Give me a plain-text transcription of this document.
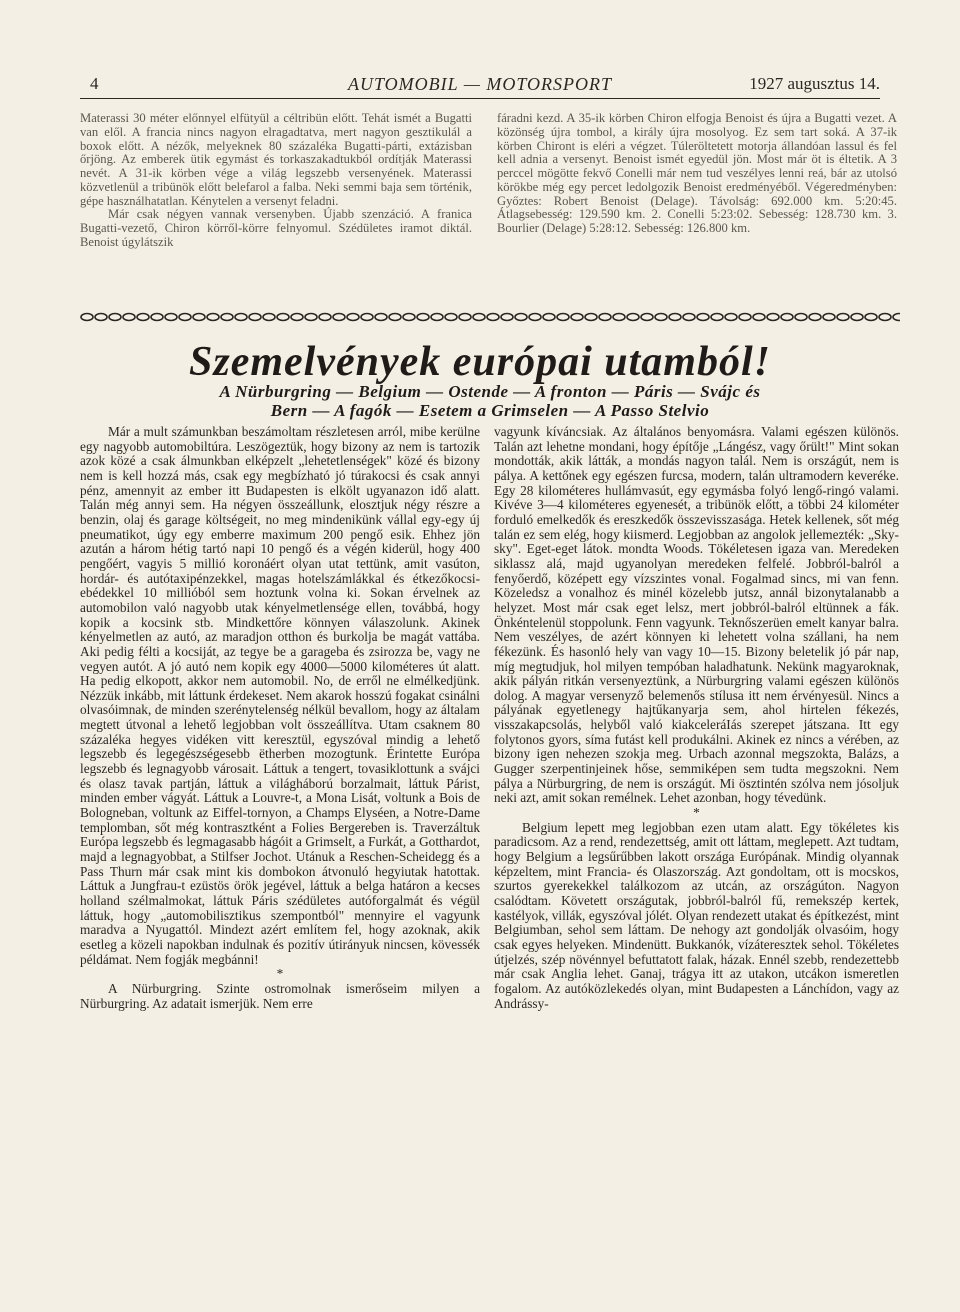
4	AUTOMOBIL — MOTORSPORT	1927 augusztus 14.

Materassi 30 méter előnnyel elfütyül a céltribün előtt. Tehát ismét a Bugatti van elől. A francia nincs nagyon elragadtatva, mert nagyon gesztikulál a boxok előtt. A nézők, melyeknek 80 százaléka Bugatti-párti, extázisban őrjöng. Az emberek ütik egymást és torkaszakadtukból ordítják Materassi nevét. A 31-ik körben vége a világ legszebb versenyének. Materassi közvetlenül a tribünök előtt belefarol a falba. Neki semmi baja sem történik, gépe használhatatlan. Kénytelen a versenyt feladni.

Már csak négyen vannak versenyben. Újabb szenzáció. A franica Bugatti-vezető, Chiron körről-körre felnyomul. Szédületes iramot diktál. Benoist úgylátszik

fáradni kezd. A 35-ik körben Chiron elfogja Benoist és újra a Bugatti vezet. A közönség újra tombol, a király újra mosolyog. Ez sem tart soká. A 37-ik körben Chiront is eléri a végzet. Túleröltetett motorja állandóan lassul és fel kell adnia a versenyt. Benoist ismét egyedül jön. Most már öt is éltetik. A 3 perccel mögötte fekvő Conelli már nem tud veszélyes lenni reá, bár az utolsó körökbe még egy percet ledolgozik Benoist eredményéből. Végeredményben: Győztes: Robert Benoist (Delage). Távolság: 692.000 km. 5:20:45. Átlagsebesség: 129.590 km. 2. Conelli 5:23:02. Sebesség: 128.730 km. 3. Bourlier (Delage) 5:28:12. Sebesség: 126.800 km.

Szemelvények európai utamból!
A Nürburgring — Belgium — Ostende — A fronton — Páris — Svájc és
Bern — A fagók — Esetem a Grimselen — A Passo Stelvio

Már a mult számunkban beszámoltam részletesen arról, mibe kerülne egy nagyobb automobiltúra. Leszögeztük, hogy bizony az nem is tartozik azok közé a csak álmunkban elképzelt „lehetetlenségek" közé és bizony nem is kell hozzá más, csak egy megbízható jó túrakocsi és csak annyi pénz, amennyit az ember itt Budapesten is elkölt ugyanazon idő alatt. Talán még annyi sem. Ha négyen összeállunk, elosztjuk négy részre a benzin, olaj és garage költségeit, no meg mindenikünk vállal egy-egy új pneumatikot, úgy egy emberre maximum 200 pengő esik. Ehhez jön azután a három hétig tartó napi 10 pengő és a végén kiderül, hogy 400 pengőért, vagyis 5 millió koronáért olyan utat tettünk, amit vasúton, hordár- és autótaxipénzekkel, magas hotelszámlákkal és étkezőkocsi-ebédekkel 10 millióból sem hoztunk volna ki. Sokan érvelnek az automobilon való nagyobb utak kényelmetlensége ellen, továbbá, hogy kopik a kocsink stb. Mindkettőre könnyen válaszolunk. Akinek kényelmetlen az autó, az maradjon otthon és burkolja be magát vattába. Aki pedig félti a kocsiját, az tegye be a garageba és zsirozza be, vagy ne vegyen autót. A jó autó nem kopik egy 4000—5000 kilométeres út alatt. Ha pedig elkopott, akkor nem automobil. No, de erről ne elmélkedjünk. Nézzük inkább, mit láttunk érdekeset. Nem akarok hosszú fogakat csinálni olvasóimnak, de minden szerénytelenség nélkül bevallom, hogy az általam megtett útvonal a lehető legjobban volt összeállítva. Utam csaknem 80 százaléka hegyes vidéken vitt keresztül, egyszóval mindig a lehető legszebb és legegészségesebb ëtherben mozogtunk. Érintette Európa legszebb és legnagyobb városait. Láttuk a tengert, tovasiklottunk a svájci és olasz tavak partján, láttuk a világháború borzalmait, láttuk Párist, minden ember vágyát. Láttuk a Louvre-t, a Mona Lisát, voltunk a Bois de Bologneban, voltunk az Eiffel-tornyon, a Champs Elyséen, a Notre-Dame templomban, sőt még kontrasztként a Folies Bergereben is. Traverzáltuk Európa legszebb és legmagasabb hágóit a Grimselt, a Furkát, a Gotthardot, majd a legnagyobbat, a Stilfser Jochot. Utánuk a Reschen-Scheidegg és a Pass Thurn már csak mint kis dombokon átvonuló hegyiutak hatottak. Láttuk a Jungfrau-t ezüstös örök jegével, láttuk a belga határon a kecses holland szélmalmokat, láttuk Páris szédületes autóforgalmát és végül láttuk, hogy „automobilisztikus szempontból" mennyire el vagyunk maradva a Nyugattól. Mindezt azért említem fel, hogy azoknak, akik esetleg a közeli napokban indulnak és pozitív útirányuk nincsen, kövessék példámat. Nem fogják megbánni!

*

A Nürburgring. Szinte ostromolnak ismerőseim milyen a Nürburgring. Az adatait ismerjük. Nem erre

vagyunk kíváncsiak. Az általános benyomásra. Valami egészen különös. Talán azt lehetne mondani, hogy építője „Lángész, vagy őrült!" Mint sokan mondották, akik látták, a mondás nagyon talál. Nem is országút, nem is pálya. A kettőnek egy egészen furcsa, modern, talán ultramodern keveréke. Egy 28 kilométeres hullámvasút, egy egymásba folyó lengő-ringó valami. Kivéve 3—4 kilométeres egyenesét, a tribünök előtt, a többi 24 kilométer forduló emelkedők és ereszkedők összevisszasága. Hetek kellenek, sőt még talán ez sem elég, hogy kiismerd. Legjobban az angolok jellemezték: „Sky-sky". Eget-eget látok. mondta Woods. Tökéletesen igaza van. Meredeken siklassz alá, majd ugyanolyan meredeken felfelé. Jobbról-balról a fenyőerdő, középett egy vízszintes vonal. Fogalmad sincs, mi van fenn. Közeledsz a vonalhoz és minél közelebb jutsz, annál bizonytalanabb a helyzet. Most már csak eget lelsz, mert jobbról-balról eltünnek a fák. Önkéntelenül stoppolunk. Fenn vagyunk. Teknőszerüen emelt kanyar balra. Nem veszélyes, de azért könnyen ki lehetett volna szállani, ha nem fékezünk. És hasonló hely van vagy 10—15. Bizony beletelik jó pár nap, míg megtudjuk, hol milyen tempóban haladhatunk. Nekünk magyaroknak, akik pályán ritkán versenyeztünk, a Nürburgring valami egészen különös dolog. A magyar versenyző belemenős stílusa itt nem érvényesül. Nincs a pályának egyetlenegy hajtűkanyarja sem, ahol hirtelen fékezés, visszakapcsolás, helyből való kiakceleráIás szerepet játszana. Itt egy folytonos gyors, síma futást kell produkálni. Akinek ez nincs a vérében, az bizony igen nehezen szokja meg. Urbach azonnal megszokta, Balázs, a Gugger szerpentinjeinek hőse, semmiképen sem tudta megszokni. Nem pálya a Nürburgring, de nem is országút. Mi ösztintén szólva nem jósoljuk neki azt, amit sokan remélnek. Lehet azonban, hogy tévedünk.

*

Belgium lepett meg legjobban ezen utam alatt. Egy tökéletes kis paradicsom. Az a rend, rendezettség, amit ott láttam, meglepett. Azt tudtam, hogy Belgium a legsűrűbben lakott országa Európának. Mindig olyannak képzeltem, mint Francia- és Olaszország. Azt gondoltam, ott is mocskos, szurtos gyerekekkel találkozom az utcán, az országúton. Nagyon csalódtam. Követett országutak, jobbról-balról fű, remekszép kertek, kastélyok, villák, egyszóval jólét. Olyan rendezett utakat és építkezést, mint Belgiumban, sehol sem láttam. De nehogy azt gondolják olvasóim, hogy csak egyes helyeken. Mindenütt. Bukkanók, vízáteresztek sehol. Tökéletes útjelzés, szép növénnyel befuttatott falak, házak. Ennél szebb, rendezettebb már csak Anglia lehet. Ganaj, trágya itt az utakon, utcákon ismeretlen fogalom. Az autóközlekedés olyan, mint Budapesten a Lánchídon, vagy az Andrássy-
